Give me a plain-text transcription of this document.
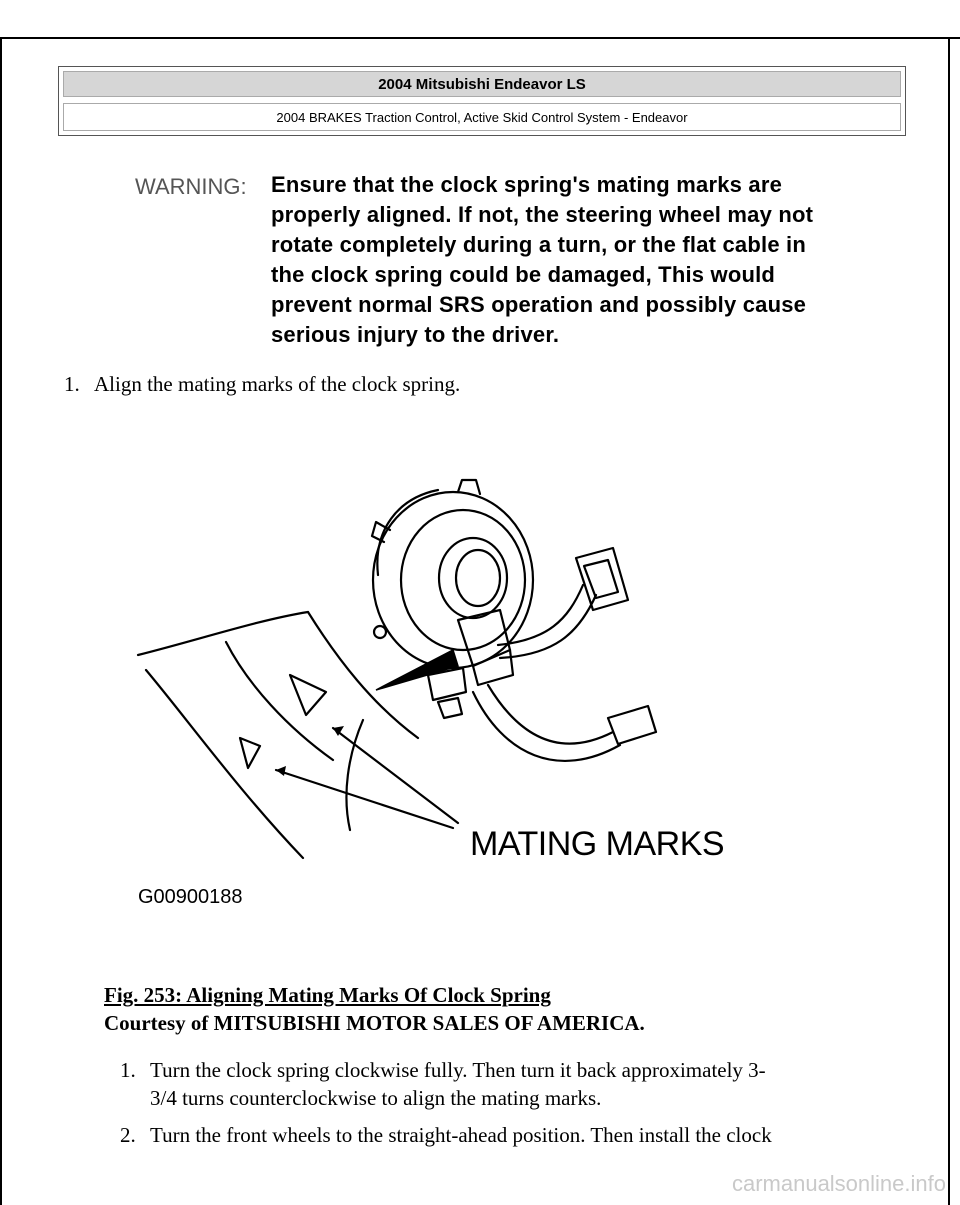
2004 Mitsubishi Endeavor LS
2004 BRAKES Traction Control, Active Skid Control System - Endeavor
WARNING: Ensure that the clock spring's mating marks are
properly aligned. If not, the steering wheel may not
rotate completely during a turn, or the flat cable in
the clock spring could be damaged, This would
prevent normal SRS operation and possibly cause
serious injury to the driver.
1. Align the mating marks of the clock spring.
MATING MARKS
G00900188
Fig. 253: Aligning Mating Marks Of Clock Spring
Courtesy of MITSUBISHI MOTOR SALES OF AMERICA.
1. Turn the clock spring clockwise fully. Then turn it back approximately 3-
3/4 turns counterclockwise to align the mating marks.
2. Turn the front wheels to the straight-ahead position. Then install the clock
carmanualsonline.info
